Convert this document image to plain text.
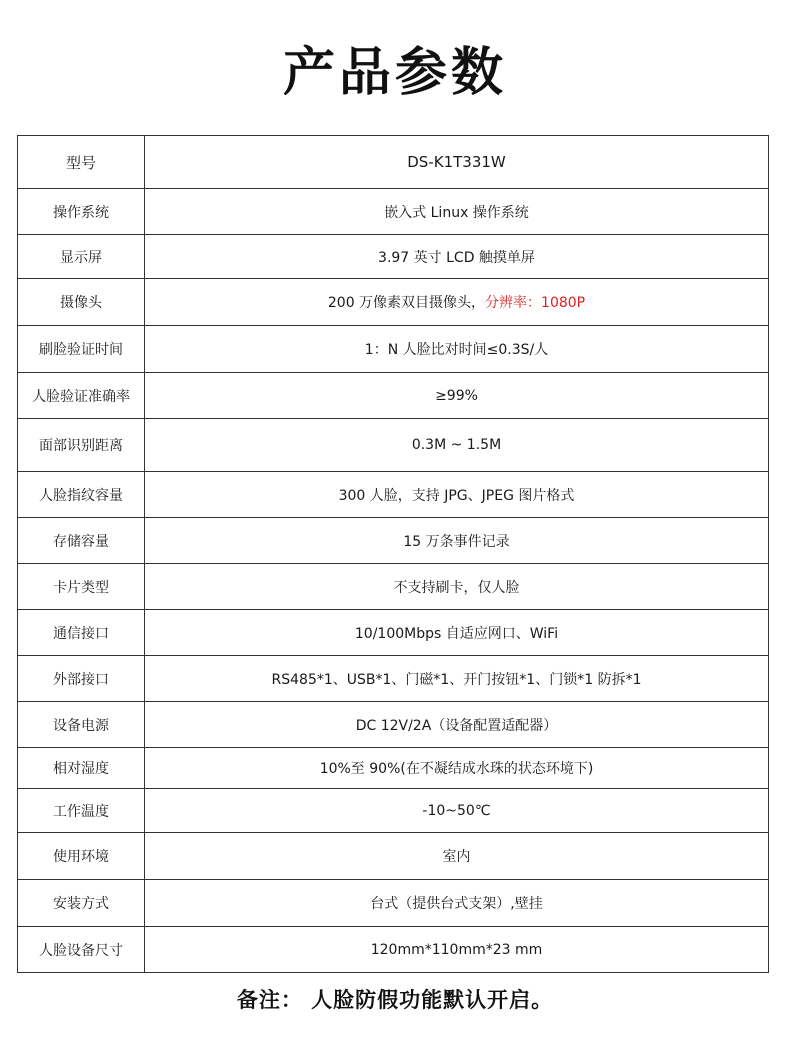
产品参数
型号	DS-K1T331W
操作系统	嵌入式 Linux 操作系统
显示屏	3.97 英寸 LCD 触摸单屏
摄像头	200 万像素双目摄像头，分辨率：1080P
刷脸验证时间	1：N 人脸比对时间≤0.3S/人
人脸验证准确率	≥99%
面部识别距离	0.3M ~ 1.5M
人脸指纹容量	300 人脸，支持 JPG、JPEG 图片格式
存储容量	15 万条事件记录
卡片类型	不支持刷卡，仅人脸
通信接口	10/100Mbps 自适应网口、WiFi
外部接口	RS485*1、USB*1、门磁*1、开门按钮*1、门锁*1 防拆*1
设备电源	DC 12V/2A（设备配置适配器）
相对湿度	10%至 90%(在不凝结成水珠的状态环境下)
工作温度	-10~50℃
使用环境	室内
安装方式	台式（提供台式支架）,壁挂
人脸设备尺寸	120mm*110mm*23 mm
备注： 人脸防假功能默认开启。
